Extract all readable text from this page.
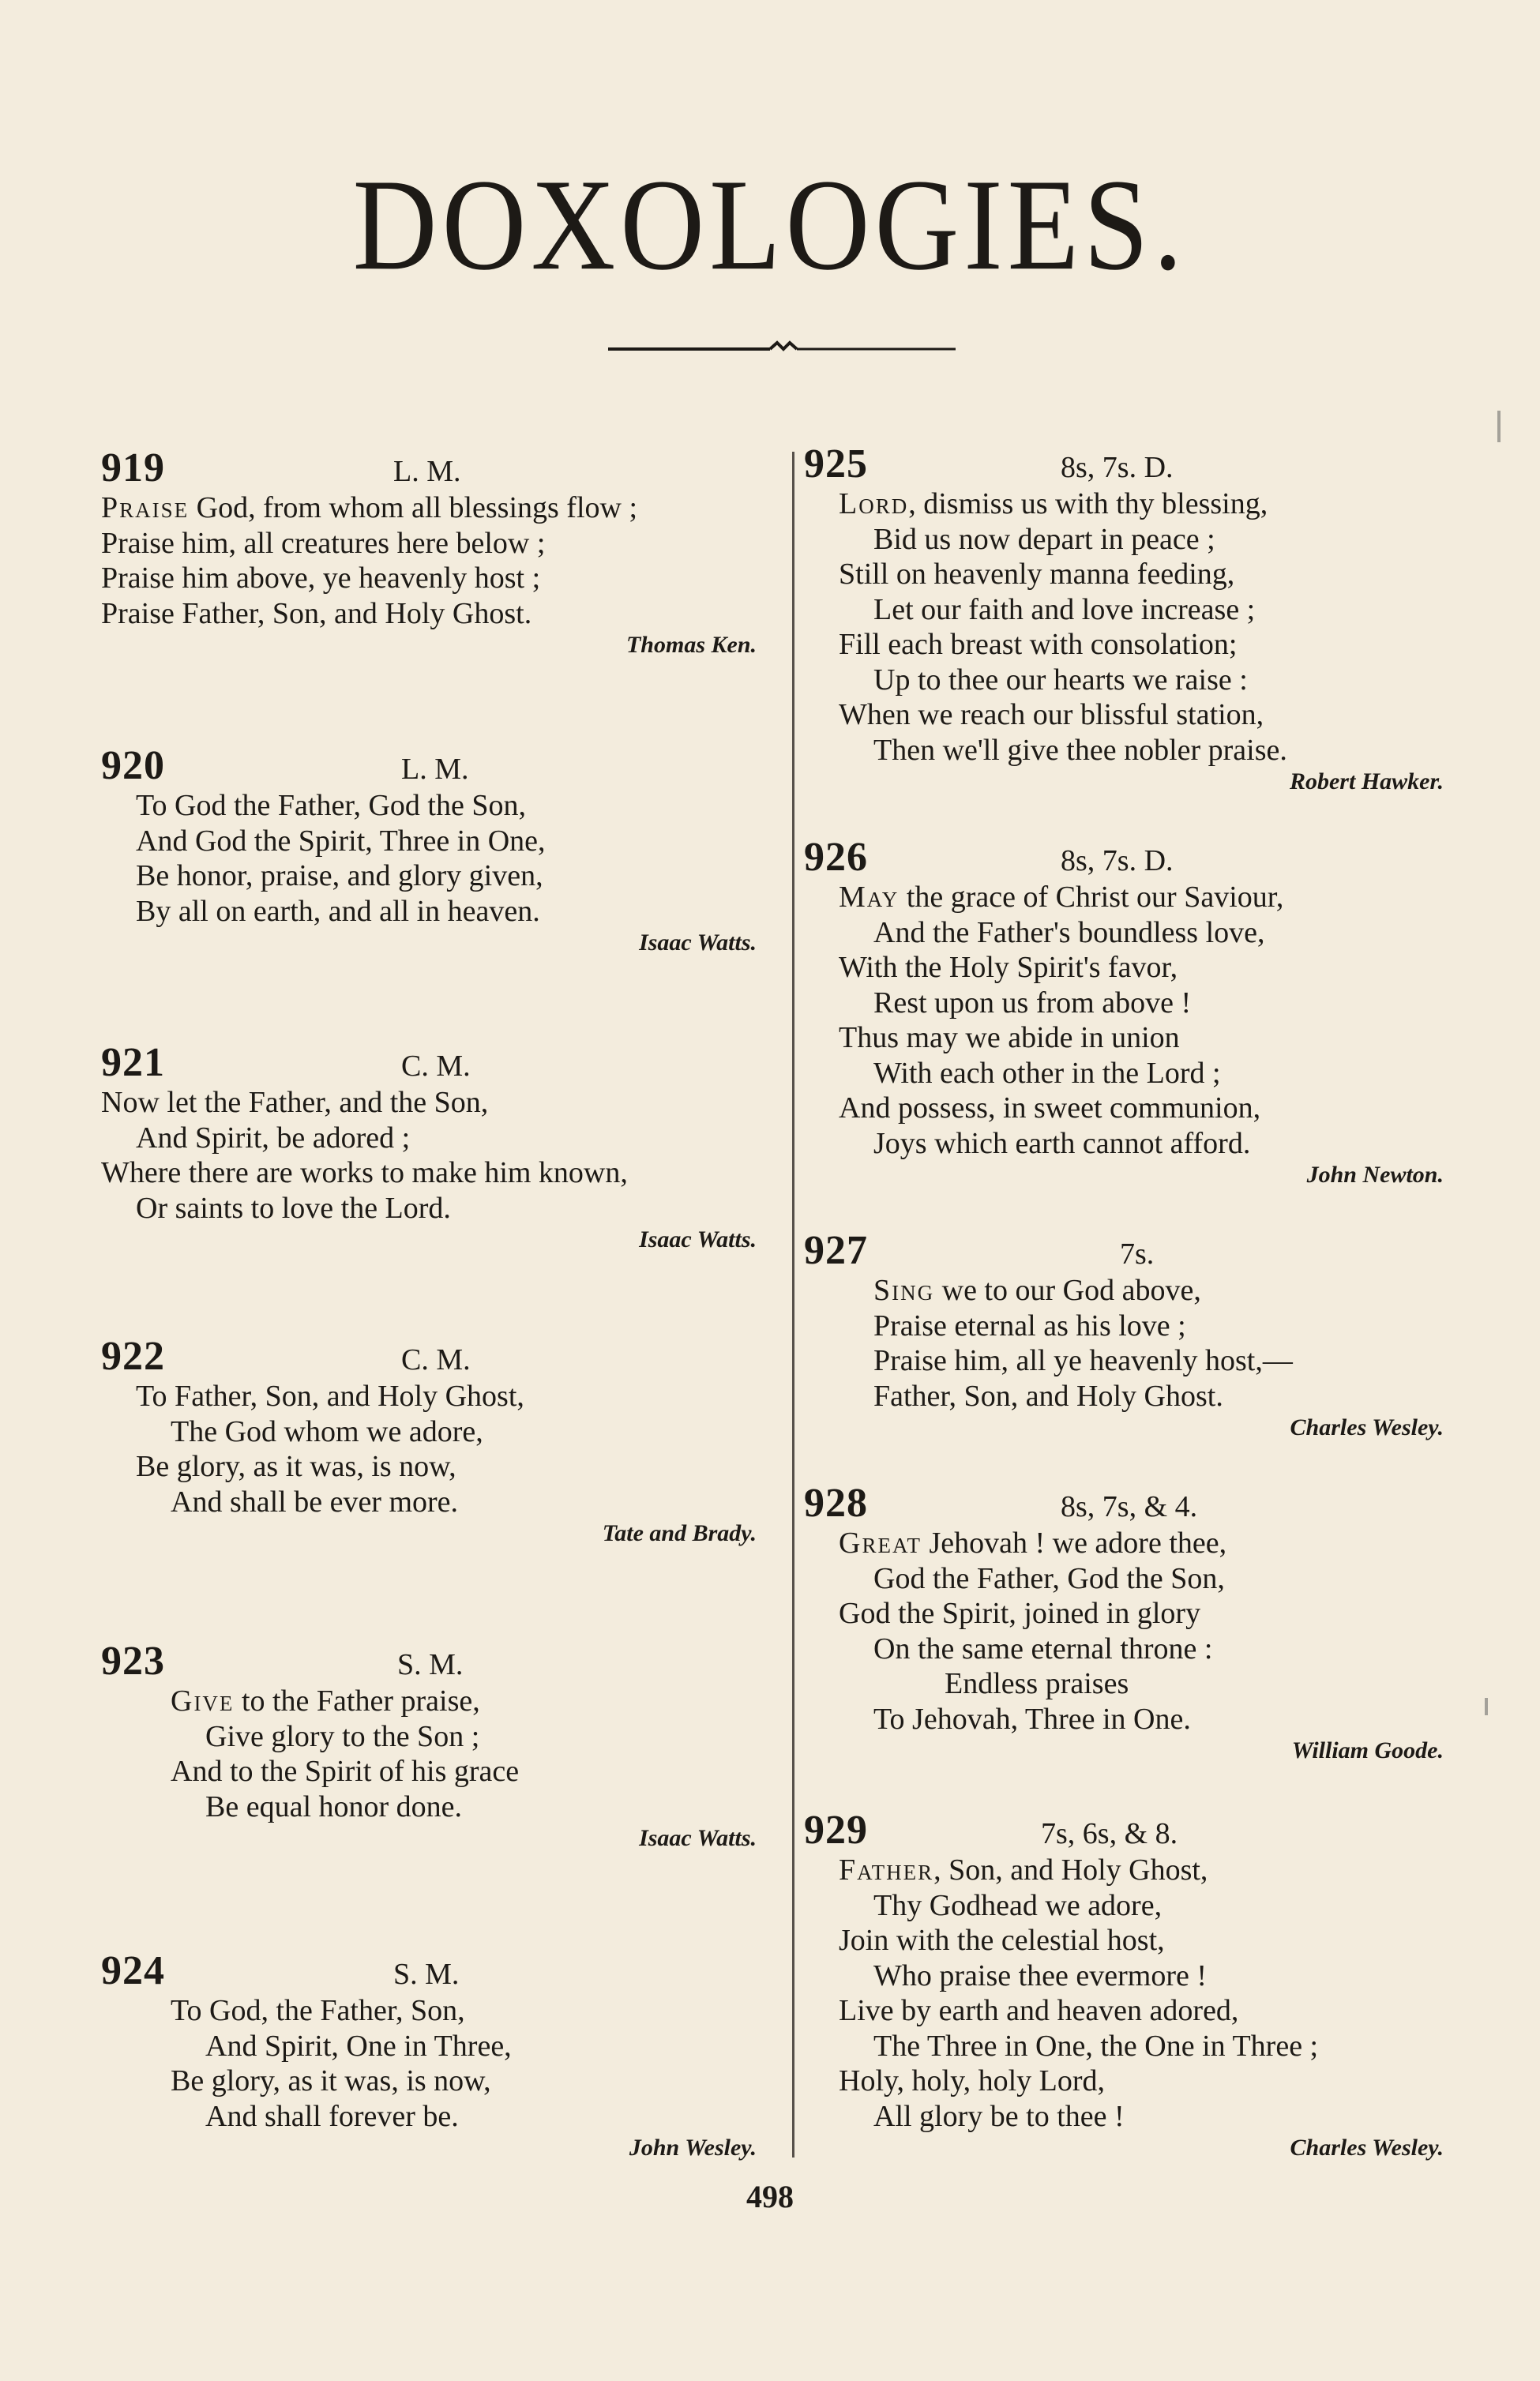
DOXOLOGIES.
919	L. M.
Praise God, from whom all blessings flow ;
Praise him, all creatures here below ;
Praise him above, ye heavenly host ;
Praise Father, Son, and Holy Ghost.
Thomas Ken.
920	L. M.
To God the Father, God the Son,
And God the Spirit, Three in One,
Be honor, praise, and glory given,
By all on earth, and all in heaven.
Isaac Watts.
921	C. M.
Now let the Father, and the Son,
And Spirit, be adored ;
Where there are works to make him known,
Or saints to love the Lord.
Isaac Watts.
922	C. M.
To Father, Son, and Holy Ghost,
The God whom we adore,
Be glory, as it was, is now,
And shall be ever more.
Tate and Brady.
923	S. M.
Give to the Father praise,
Give glory to the Son ;
And to the Spirit of his grace
Be equal honor done.
Isaac Watts.
924	S. M.
To God, the Father, Son,
And Spirit, One in Three,
Be glory, as it was, is now,
And shall forever be.
John Wesley.
925	8s, 7s. D.
Lord, dismiss us with thy blessing,
Bid us now depart in peace ;
Still on heavenly manna feeding,
Let our faith and love increase ;
Fill each breast with consolation;
Up to thee our hearts we raise :
When we reach our blissful station,
Then we'll give thee nobler praise.
Robert Hawker.
926	8s, 7s. D.
May the grace of Christ our Saviour,
And the Father's boundless love,
With the Holy Spirit's favor,
Rest upon us from above !
Thus may we abide in union
With each other in the Lord ;
And possess, in sweet communion,
Joys which earth cannot afford.
John Newton.
927	7s.
Sing we to our God above,
Praise eternal as his love ;
Praise him, all ye heavenly host,—
Father, Son, and Holy Ghost.
Charles Wesley.
928	8s, 7s, & 4.
Great Jehovah ! we adore thee,
God the Father, God the Son,
God the Spirit, joined in glory
On the same eternal throne :
Endless praises
To Jehovah, Three in One.
William Goode.
929	7s, 6s, & 8.
Father, Son, and Holy Ghost,
Thy Godhead we adore,
Join with the celestial host,
Who praise thee evermore !
Live by earth and heaven adored,
The Three in One, the One in Three ;
Holy, holy, holy Lord,
All glory be to thee !
Charles Wesley.
498
